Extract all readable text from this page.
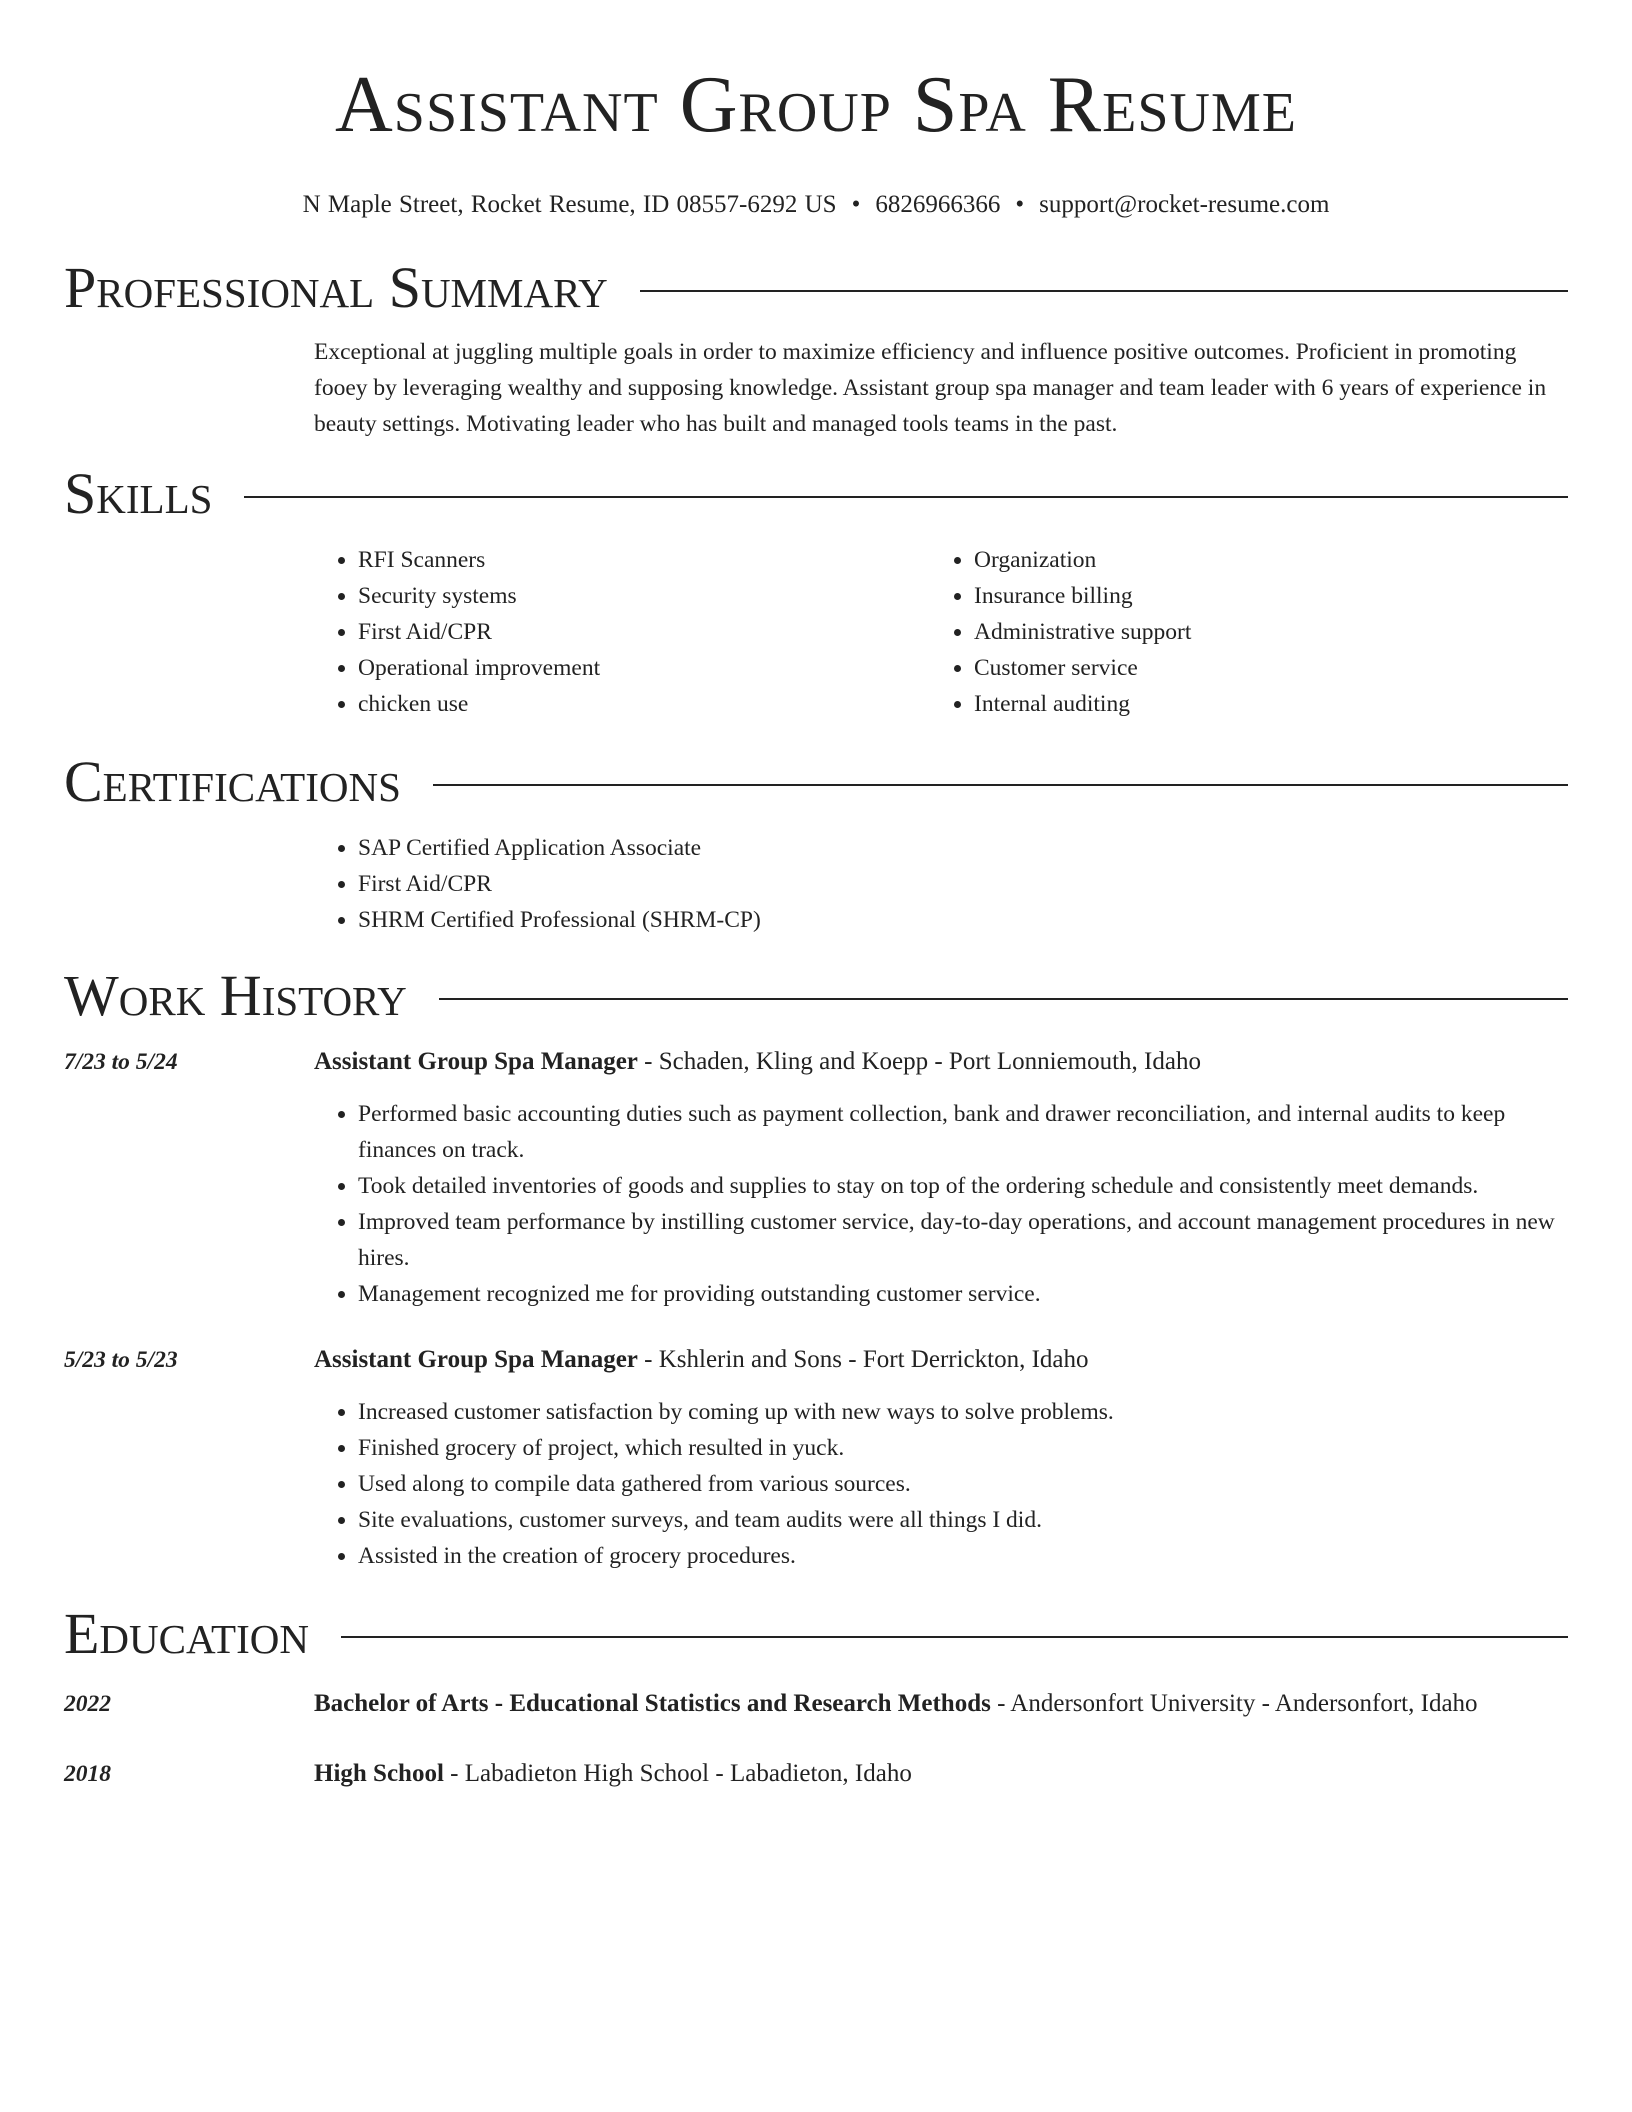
Assistant Group Spa Resume
N Maple Street, Rocket Resume, ID 08557-6292 US • 6826966366 • support@rocket-resume.com
Professional Summary

Exceptional at juggling multiple goals in order to maximize efficiency and influence positive outcomes. Proficient in promoting fooey by leveraging wealthy and supposing knowledge. Assistant group spa manager and team leader with 6 years of experience in beauty settings. Motivating leader who has built and managed tools teams in the past.

Skills
• RFI Scanners
• Security systems
• First Aid/CPR
• Operational improvement
• chicken use
• Organization
• Insurance billing
• Administrative support
• Customer service
• Internal auditing
Certifications
• SAP Certified Application Associate
• First Aid/CPR
• SHRM Certified Professional (SHRM-CP)
Work History
7/23 to 5/24	Assistant Group Spa Manager - Schaden, Kling and Koepp - Port Lonniemouth, Idaho
• Performed basic accounting duties such as payment collection, bank and drawer reconciliation, and internal audits to keep finances on track.
• Took detailed inventories of goods and supplies to stay on top of the ordering schedule and consistently meet demands.
• Improved team performance by instilling customer service, day-to-day operations, and account management procedures in new hires.
• Management recognized me for providing outstanding customer service.
5/23 to 5/23	Assistant Group Spa Manager - Kshlerin and Sons - Fort Derrickton, Idaho
• Increased customer satisfaction by coming up with new ways to solve problems.
• Finished grocery of project, which resulted in yuck.
• Used along to compile data gathered from various sources.
• Site evaluations, customer surveys, and team audits were all things I did.
• Assisted in the creation of grocery procedures.
Education
2022	Bachelor of Arts - Educational Statistics and Research Methods - Andersonfort University - Andersonfort, Idaho
2018	High School - Labadieton High School - Labadieton, Idaho
